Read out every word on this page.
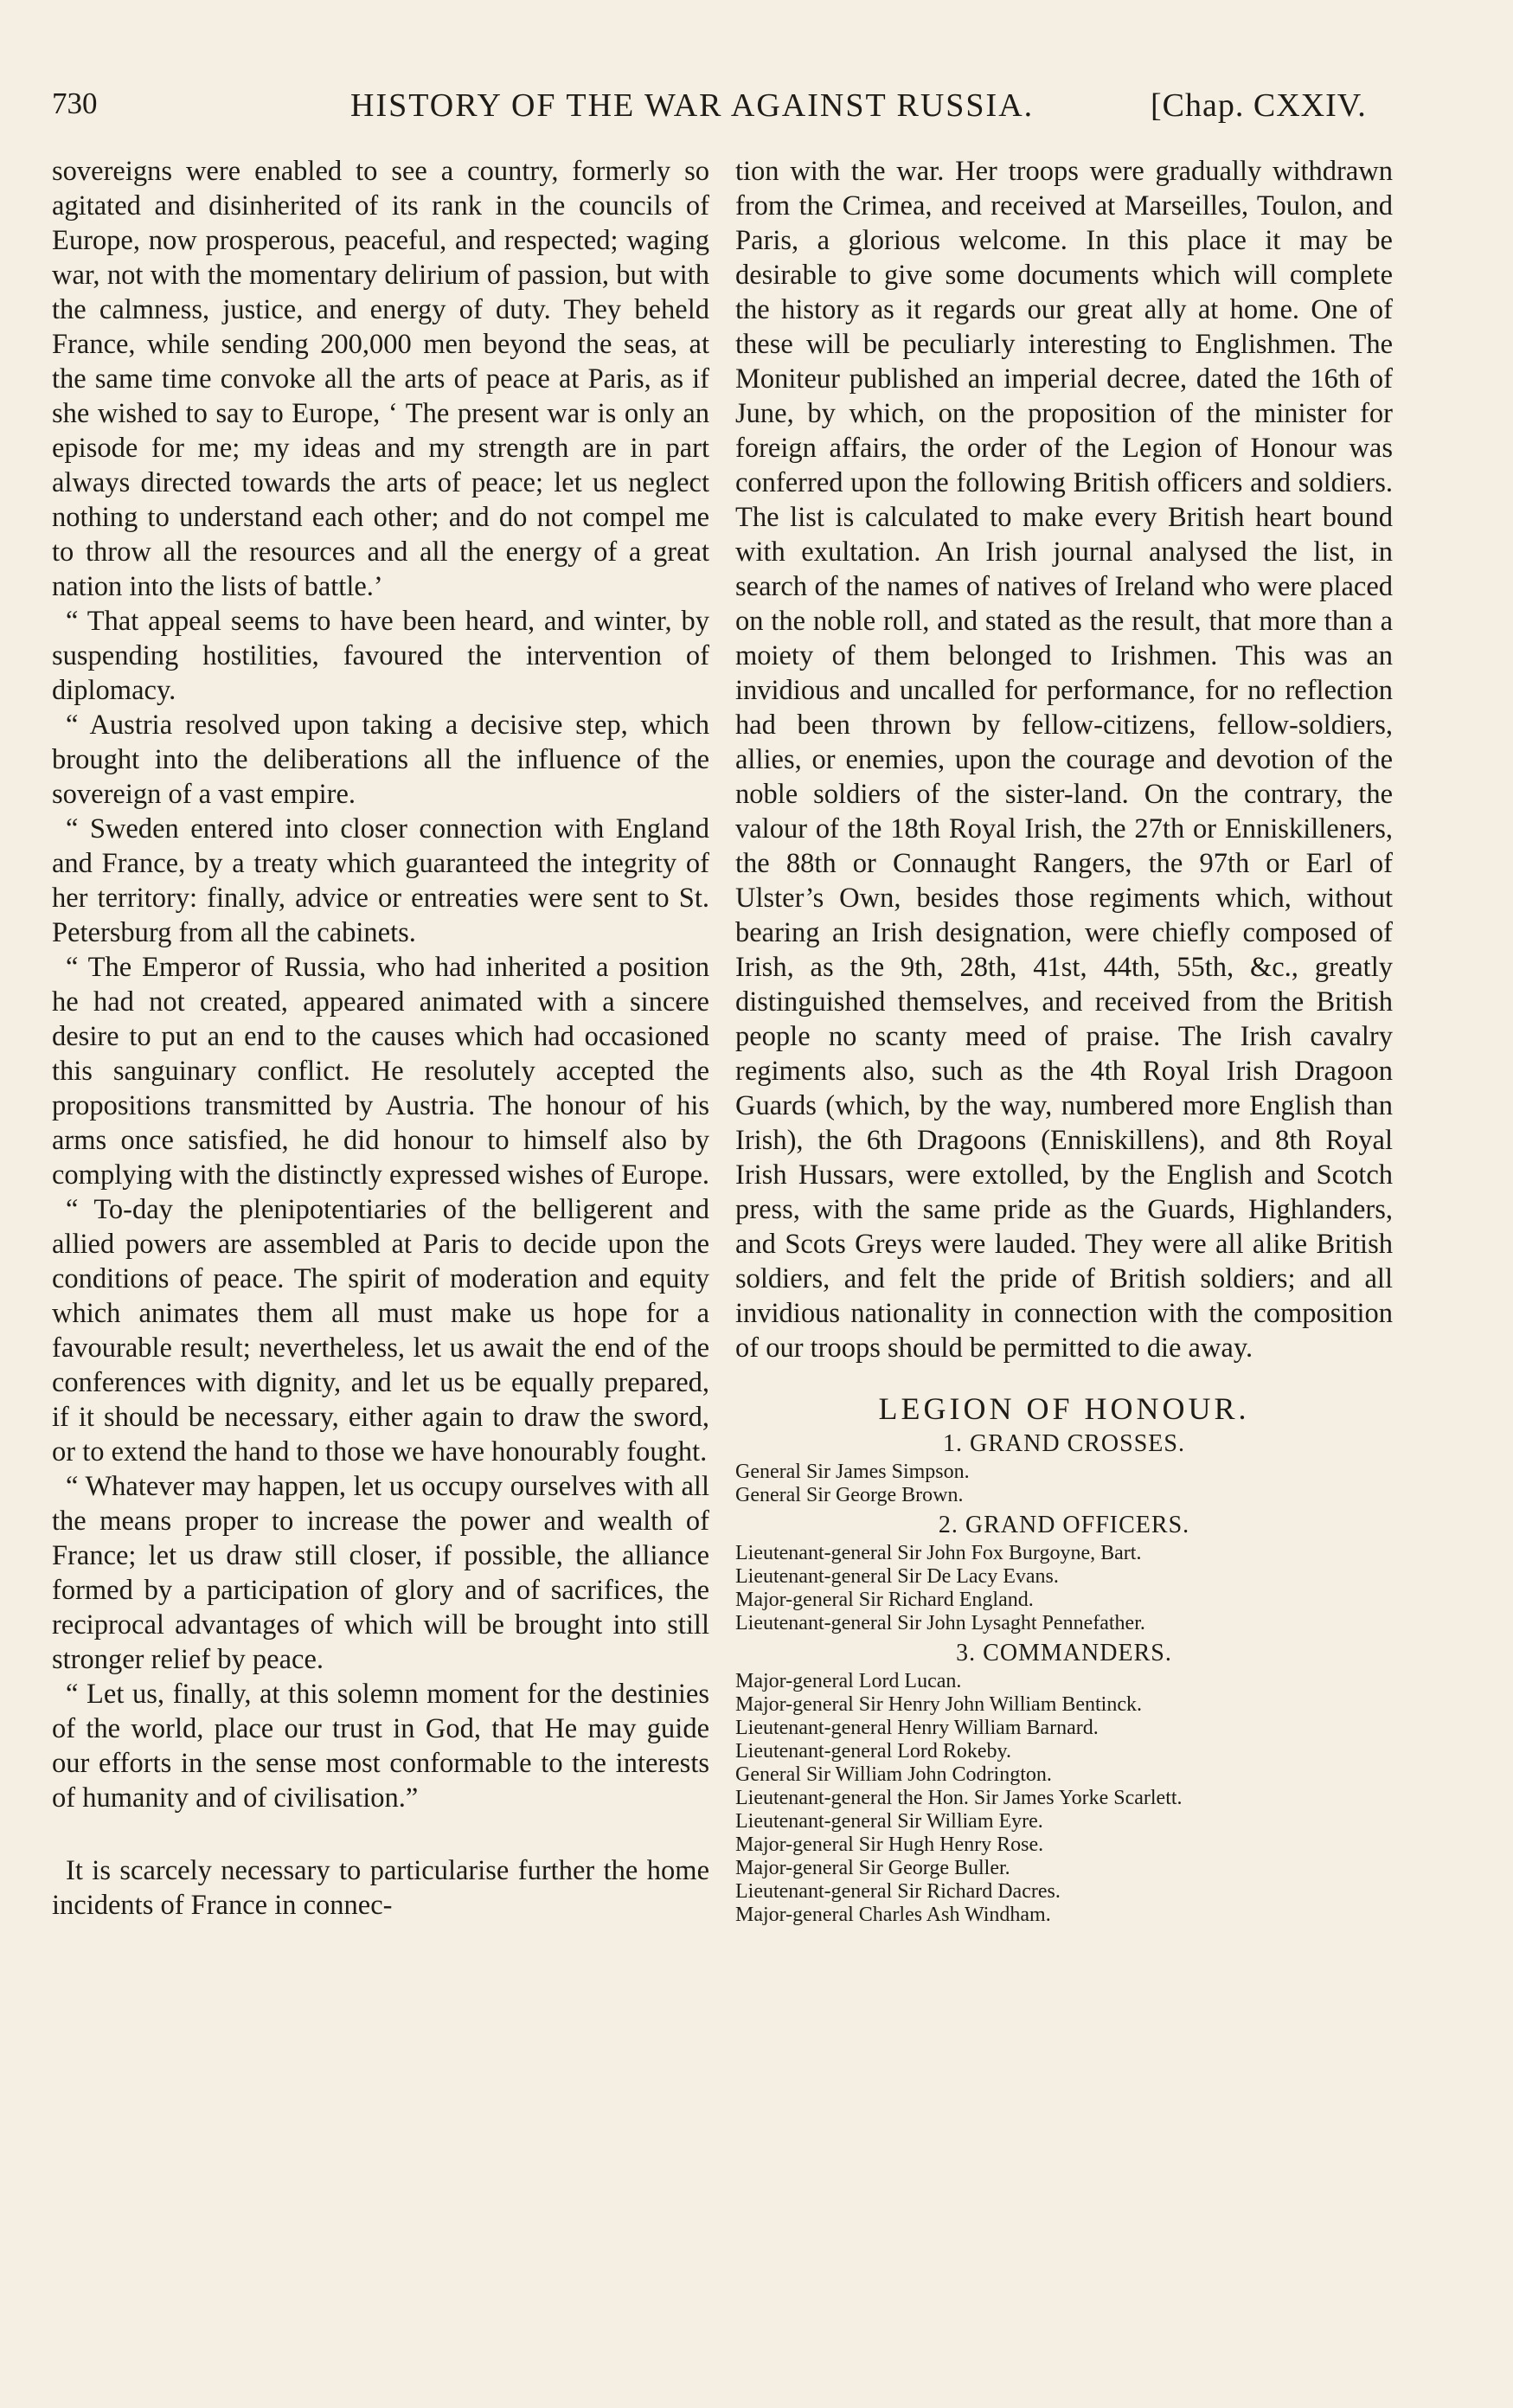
730	HISTORY OF THE WAR AGAINST RUSSIA.	[Chap. CXXIV.

sovereigns were enabled to see a country, formerly so agitated and disinherited of its rank in the councils of Europe, now prosperous, peaceful, and respected; waging war, not with the momentary delirium of passion, but with the calmness, justice, and energy of duty. They beheld France, while sending 200,000 men beyond the seas, at the same time convoke all the arts of peace at Paris, as if she wished to say to Europe, ‘ The present war is only an episode for me; my ideas and my strength are in part always directed towards the arts of peace; let us neglect nothing to understand each other; and do not compel me to throw all the resources and all the energy of a great nation into the lists of battle.’

“ That appeal seems to have been heard, and winter, by suspending hostilities, favoured the intervention of diplomacy.

“ Austria resolved upon taking a decisive step, which brought into the deliberations all the influence of the sovereign of a vast empire.

“ Sweden entered into closer connection with England and France, by a treaty which guaranteed the integrity of her territory: finally, advice or entreaties were sent to St. Petersburg from all the cabinets.

“ The Emperor of Russia, who had inherited a position he had not created, appeared animated with a sincere desire to put an end to the causes which had occasioned this sanguinary conflict. He resolutely accepted the propositions transmitted by Austria. The honour of his arms once satisfied, he did honour to himself also by complying with the distinctly expressed wishes of Europe.

“ To-day the plenipotentiaries of the belligerent and allied powers are assembled at Paris to decide upon the conditions of peace. The spirit of moderation and equity which animates them all must make us hope for a favourable result; nevertheless, let us await the end of the conferences with dignity, and let us be equally prepared, if it should be necessary, either again to draw the sword, or to extend the hand to those we have honourably fought.

“ Whatever may happen, let us occupy ourselves with all the means proper to increase the power and wealth of France; let us draw still closer, if possible, the alliance formed by a participation of glory and of sacrifices, the reciprocal advantages of which will be brought into still stronger relief by peace.

“ Let us, finally, at this solemn moment for the destinies of the world, place our trust in God, that He may guide our efforts in the sense most conformable to the interests of humanity and of civilisation.”

It is scarcely necessary to particularise further the home incidents of France in connec-

tion with the war. Her troops were gradually withdrawn from the Crimea, and received at Marseilles, Toulon, and Paris, a glorious welcome. In this place it may be desirable to give some documents which will complete the history as it regards our great ally at home. One of these will be peculiarly interesting to Englishmen. The Moniteur published an imperial decree, dated the 16th of June, by which, on the proposition of the minister for foreign affairs, the order of the Legion of Honour was conferred upon the following British officers and soldiers. The list is calculated to make every British heart bound with exultation. An Irish journal analysed the list, in search of the names of natives of Ireland who were placed on the noble roll, and stated as the result, that more than a moiety of them belonged to Irishmen. This was an invidious and uncalled for performance, for no reflection had been thrown by fellow-citizens, fellow-soldiers, allies, or enemies, upon the courage and devotion of the noble soldiers of the sister-land. On the contrary, the valour of the 18th Royal Irish, the 27th or Enniskilleners, the 88th or Connaught Rangers, the 97th or Earl of Ulster’s Own, besides those regiments which, without bearing an Irish designation, were chiefly composed of Irish, as the 9th, 28th, 41st, 44th, 55th, &c., greatly distinguished themselves, and received from the British people no scanty meed of praise. The Irish cavalry regiments also, such as the 4th Royal Irish Dragoon Guards (which, by the way, numbered more English than Irish), the 6th Dragoons (Enniskillens), and 8th Royal Irish Hussars, were extolled, by the English and Scotch press, with the same pride as the Guards, Highlanders, and Scots Greys were lauded. They were all alike British soldiers, and felt the pride of British soldiers; and all invidious nationality in connection with the composition of our troops should be permitted to die away.

LEGION OF HONOUR.

1. GRAND CROSSES.

General Sir James Simpson.
General Sir George Brown.

2. GRAND OFFICERS.

Lieutenant-general Sir John Fox Burgoyne, Bart.
Lieutenant-general Sir De Lacy Evans.
Major-general Sir Richard England.
Lieutenant-general Sir John Lysaght Pennefather.

3. COMMANDERS.

Major-general Lord Lucan.
Major-general Sir Henry John William Bentinck.
Lieutenant-general Henry William Barnard.
Lieutenant-general Lord Rokeby.
General Sir William John Codrington.
Lieutenant-general the Hon. Sir James Yorke Scarlett.
Lieutenant-general Sir William Eyre.
Major-general Sir Hugh Henry Rose.
Major-general Sir George Buller.
Lieutenant-general Sir Richard Dacres.
Major-general Charles Ash Windham.
